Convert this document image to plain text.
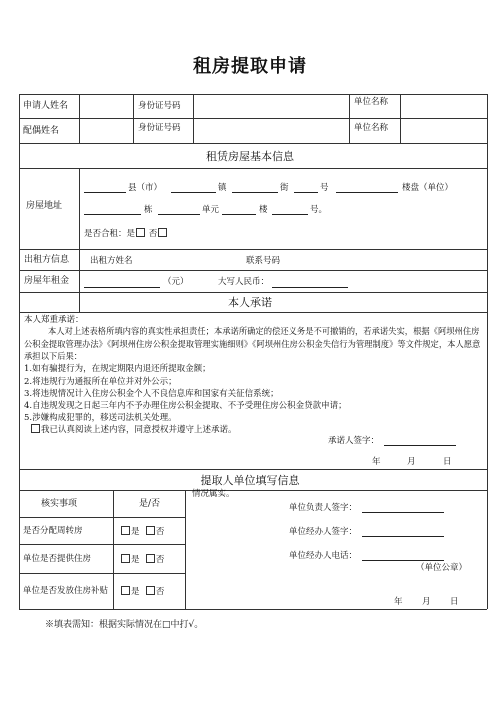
租房提取申请
申请人姓名	身份证号码	单位名称
配偶姓名	身份证号码	单位名称
租赁房屋基本信息
房屋地址
县（市）	镇	街	号	楼盘（单位）
栋	单元	楼	号。
是否合租：是 否
出租方信息 出租方姓名	联系号码
房屋年租金	（元）	大写人民币：
本人承诺
本人郑重承诺：
本人对上述表格所填内容的真实性承担责任；本承诺所确定的偿还义务是不可撤销的，若承诺失实，根据《阿坝州住房公积金提取管理办法》《阿坝州住房公积金提取管理实施细则》《阿坝州住房公积金失信行为管理制度》等文件规定，本人愿意承担以下后果：
1.如有骗提行为，在规定期限内退还所提取金额；
2.将违规行为通报所在单位并对外公示；
3.将违规情况计入住房公积金个人不良信息库和国家有关征信系统；
4.自违规发现之日起三年内不予办理住房公积金提取、不予受理住房公积金贷款申请；
5.涉嫌构成犯罪的，移送司法机关处理。
我已认真阅读上述内容，同意授权并遵守上述承诺。
承诺人签字：
年	月	日
提取人单位填写信息
核实事项	是/否
是否分配周转房	是 否
单位是否提供住房	是 否
单位是否发放住房补贴	是 否
情况属实。
单位负责人签字：
单位经办人签字：
单位经办人电话：
（单位公章）
年 月 日
※填表需知：根据实际情况在□中打√。
